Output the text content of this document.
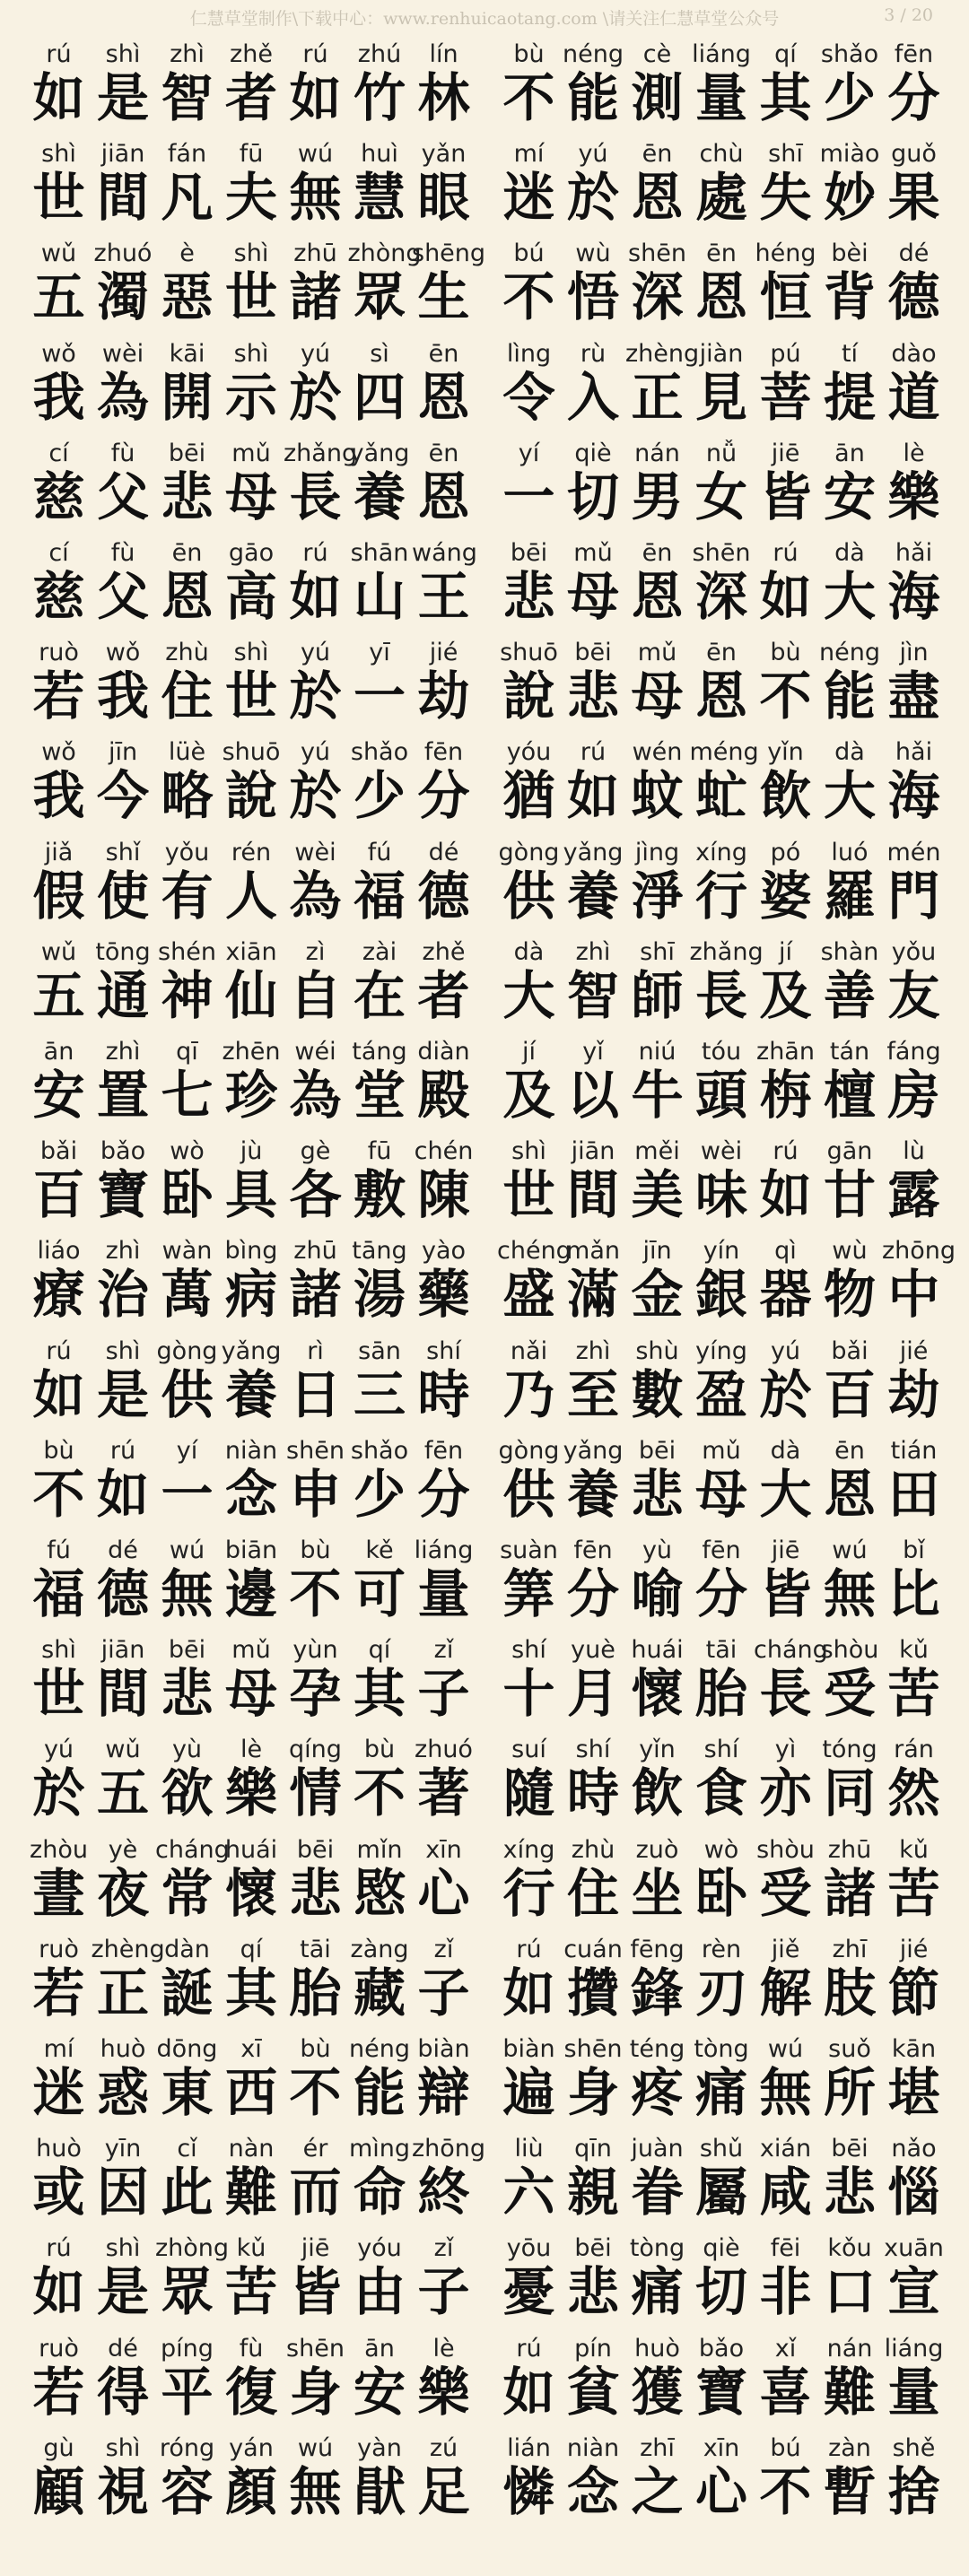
仁慧草堂制作\下载中心：www.renhuicaotang.com \请关注仁慧草堂公众号	3 / 20
rú	shì	zhì	zhě	rú	zhú	lín
如 是 智 者 如 竹 林
bù néng cè liáng qí	shǎo fēn
不 能 測 量 其 少 分
shì	jiān fán	fū	wú	huì yǎn
世 間 凡 夫 無 慧 眼
mí	yú	ēn	chù	shī miào guǒ
迷 於 恩 處 失 妙 果
wǔ zhuó	è	shì	zhū zhòng
shēng
五 濁 惡 世 諸 眾 生
bú	wù shēn ēn héng bèi	dé
不 悟 深 恩 恒 背 德
wǒ	wèi	kāi	shì	yú	sì	ēn
我 為 開 示 於 四 恩
lìng	rù zhèng jiàn	pú	tí	dào
令 入 正 見 菩 提 道
cí	fù	bēi	mǔ zhǎng
yǎng ēn
慈 父 悲 母 長 養 恩
yí	qiè nán	nǚ	jiē	ān	lè
一 切 男 女 皆 安 樂
cí	fù	ēn	gāo	rú shān wáng
慈 父 恩 高 如 山 王
bēi	mǔ	ēn shēn rú	dà	hǎi
悲 母 恩 深 如 大 海
ruò	wǒ	zhù	shì	yú	yī	jié
若 我 住 世 於 一 劫
shuō bēi	mǔ	ēn	bù néng jìn
說 悲 母 恩 不 能 盡
wǒ	jīn	lüè shuō yú shǎo fēn
我 今 略 說 於 少 分
yóu	rú	wén méng yǐn	dà	hǎi
猶 如 蚊 虻 飲 大 海
jiǎ	shǐ	yǒu rén wèi	fú	dé
假 使 有 人 為 福 德
gòng yǎng jìng xíng pó	luó mén
供 養 淨 行 婆 羅 門
wǔ tōng shén xiān	zì	zài	zhě
五 通 神 仙 自 在 者
dà	zhì	shī zhǎng jí	shàn yǒu
大 智 師 長 及 善 友
ān	zhì	qī zhēn wéi táng diàn
安 置 七 珍 為 堂 殿
jí	yǐ	niú	tóu zhān tán fáng
及 以 牛 頭 栴 檀 房
bǎi bǎo	wò	jù	gè	fū chén
百 寶 卧 具 各 敷 陳
shì	jiān měi wèi	rú	gān	lù
世 間 美 味 如 甘 露
liáo	zhì wàn bìng zhū tāng yào
療 治 萬 病 諸 湯 藥
chéng
mǎn jīn	yín	qì	wù zhōng
盛 滿 金 銀 器 物 中
rú	shì gòng yǎng	rì	sān	shí
如 是 供 養 日 三 時
nǎi	zhì	shù yíng yú	bǎi	jié
乃 至 數 盈 於 百 劫
bù	rú	yí	niàn shēn shǎo fēn
不 如 一 念 申 少 分
gòng yǎng bēi	mǔ	dà	ēn	tián
供 養 悲 母 大 恩 田
fú	dé	wú biān bù	kě liáng
福 德 無 邊 不 可 量
suàn fēn	yù	fēn	jiē	wú	bǐ
筭 分 喻 分 皆 無 比
shì	jiān bēi	mǔ yùn	qí	zǐ
世 間 悲 母 孕 其 子
shí	yuè huái tāi cháng
shòu kǔ
十 月 懷 胎 長 受 苦
yú	wǔ	yù	lè	qíng bù zhuó
於 五 欲 樂 情 不 著
suí	shí	yǐn	shí	yì	tóng rán
隨 時 飲 食 亦 同 然
zhòu yè cháng
huái bēi mǐn xīn
晝 夜 常 懷 悲 愍 心
xíng zhù zuò	wò shòu zhū	kǔ
行 住 坐 卧 受 諸 苦
ruò zhèng dàn	qí	tāi zàng	zǐ
若 正 誕 其 胎 藏 子
rú cuán fēng rèn	jiě	zhī	jié
如 攢 鋒 刃 解 肢 節
mí	huò dōng xī	bù néng biàn
迷 惑 東 西 不 能 辯
biàn shēn téng tòng wú	suǒ kān
遍 身 疼 痛 無 所 堪
huò yīn	cǐ	nàn	ér mìng zhōng
或 因 此 難 而 命 終
liù	qīn juàn shǔ xián bēi nǎo
六 親 眷 屬 咸 悲 惱
rú	shì zhòng kǔ	jiē	yóu	zǐ
如 是 眾 苦 皆 由 子
yōu bēi tòng qiè	fēi	kǒu xuān
憂 悲 痛 切 非 口 宣
ruò	dé píng	fù shēn ān	lè
若 得 平 復 身 安 樂
rú	pín huò bǎo	xǐ	nán liáng
如 貧 獲 寶 喜 難 量
gù	shì róng yán	wú	yàn	zú
顧 視 容 顏 無 猒 足
lián niàn zhī	xīn	bú	zàn shě
憐 念 之 心 不 暫 捨
